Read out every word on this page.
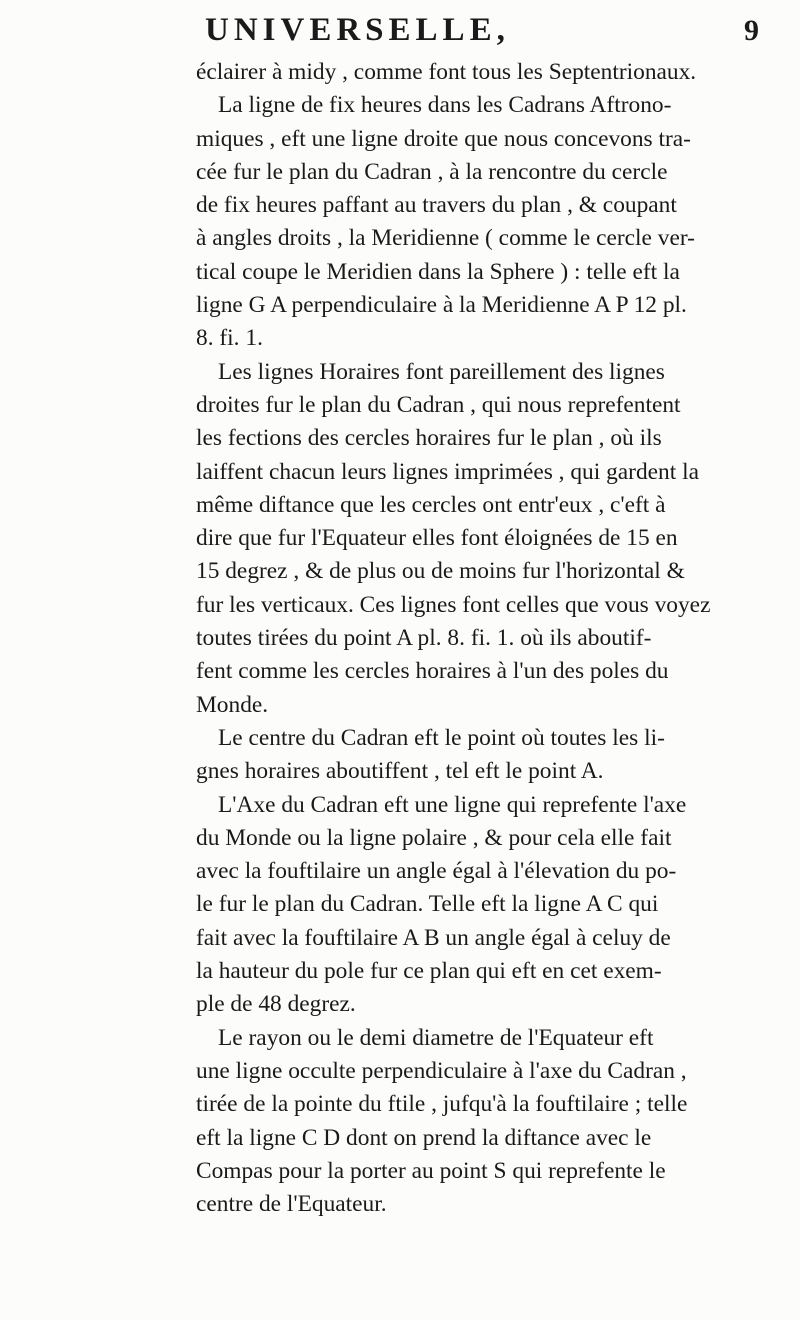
UNIVERSELLE,	9
éclairer à midy , comme font tous les Septentrionaux.
La ligne de fix heures dans les Cadrans Aftrono-
miques , eft une ligne droite que nous concevons tra-
cée fur le plan du Cadran , à la rencontre du cercle
de fix heures paffant au travers du plan , & coupant
à angles droits , la Meridienne ( comme le cercle ver-
tical coupe le Meridien dans la Sphere ) : telle eft la
ligne G A perpendiculaire à la Meridienne A P 12 pl.
8. fi. 1.
Les lignes Horaires font pareillement des lignes
droites fur le plan du Cadran , qui nous reprefentent
les fections des cercles horaires fur le plan , où ils
laiffent chacun leurs lignes imprimées , qui gardent la
même diftance que les cercles ont entr'eux , c'eft à
dire que fur l'Equateur elles font éloignées de 15 en
15 degrez , & de plus ou de moins fur l'horizontal &
fur les verticaux. Ces lignes font celles que vous voyez
toutes tirées du point A pl. 8. fi. 1. où ils aboutif-
fent comme les cercles horaires à l'un des poles du
Monde.
Le centre du Cadran eft le point où toutes les li-
gnes horaires aboutiffent , tel eft le point A.
L'Axe du Cadran eft une ligne qui reprefente l'axe
du Monde ou la ligne polaire , & pour cela elle fait
avec la fouftilaire un angle égal à l'élevation du po-
le fur le plan du Cadran. Telle eft la ligne A C qui
fait avec la fouftilaire A B un angle égal à celuy de
la hauteur du pole fur ce plan qui eft en cet exem-
ple de 48 degrez.
Le rayon ou le demi diametre de l'Equateur eft
une ligne occulte perpendiculaire à l'axe du Cadran ,
tirée de la pointe du ftile , jufqu'à la fouftilaire ; telle
eft la ligne C D dont on prend la diftance avec le
Compas pour la porter au point S qui reprefente le
centre de l'Equateur.
